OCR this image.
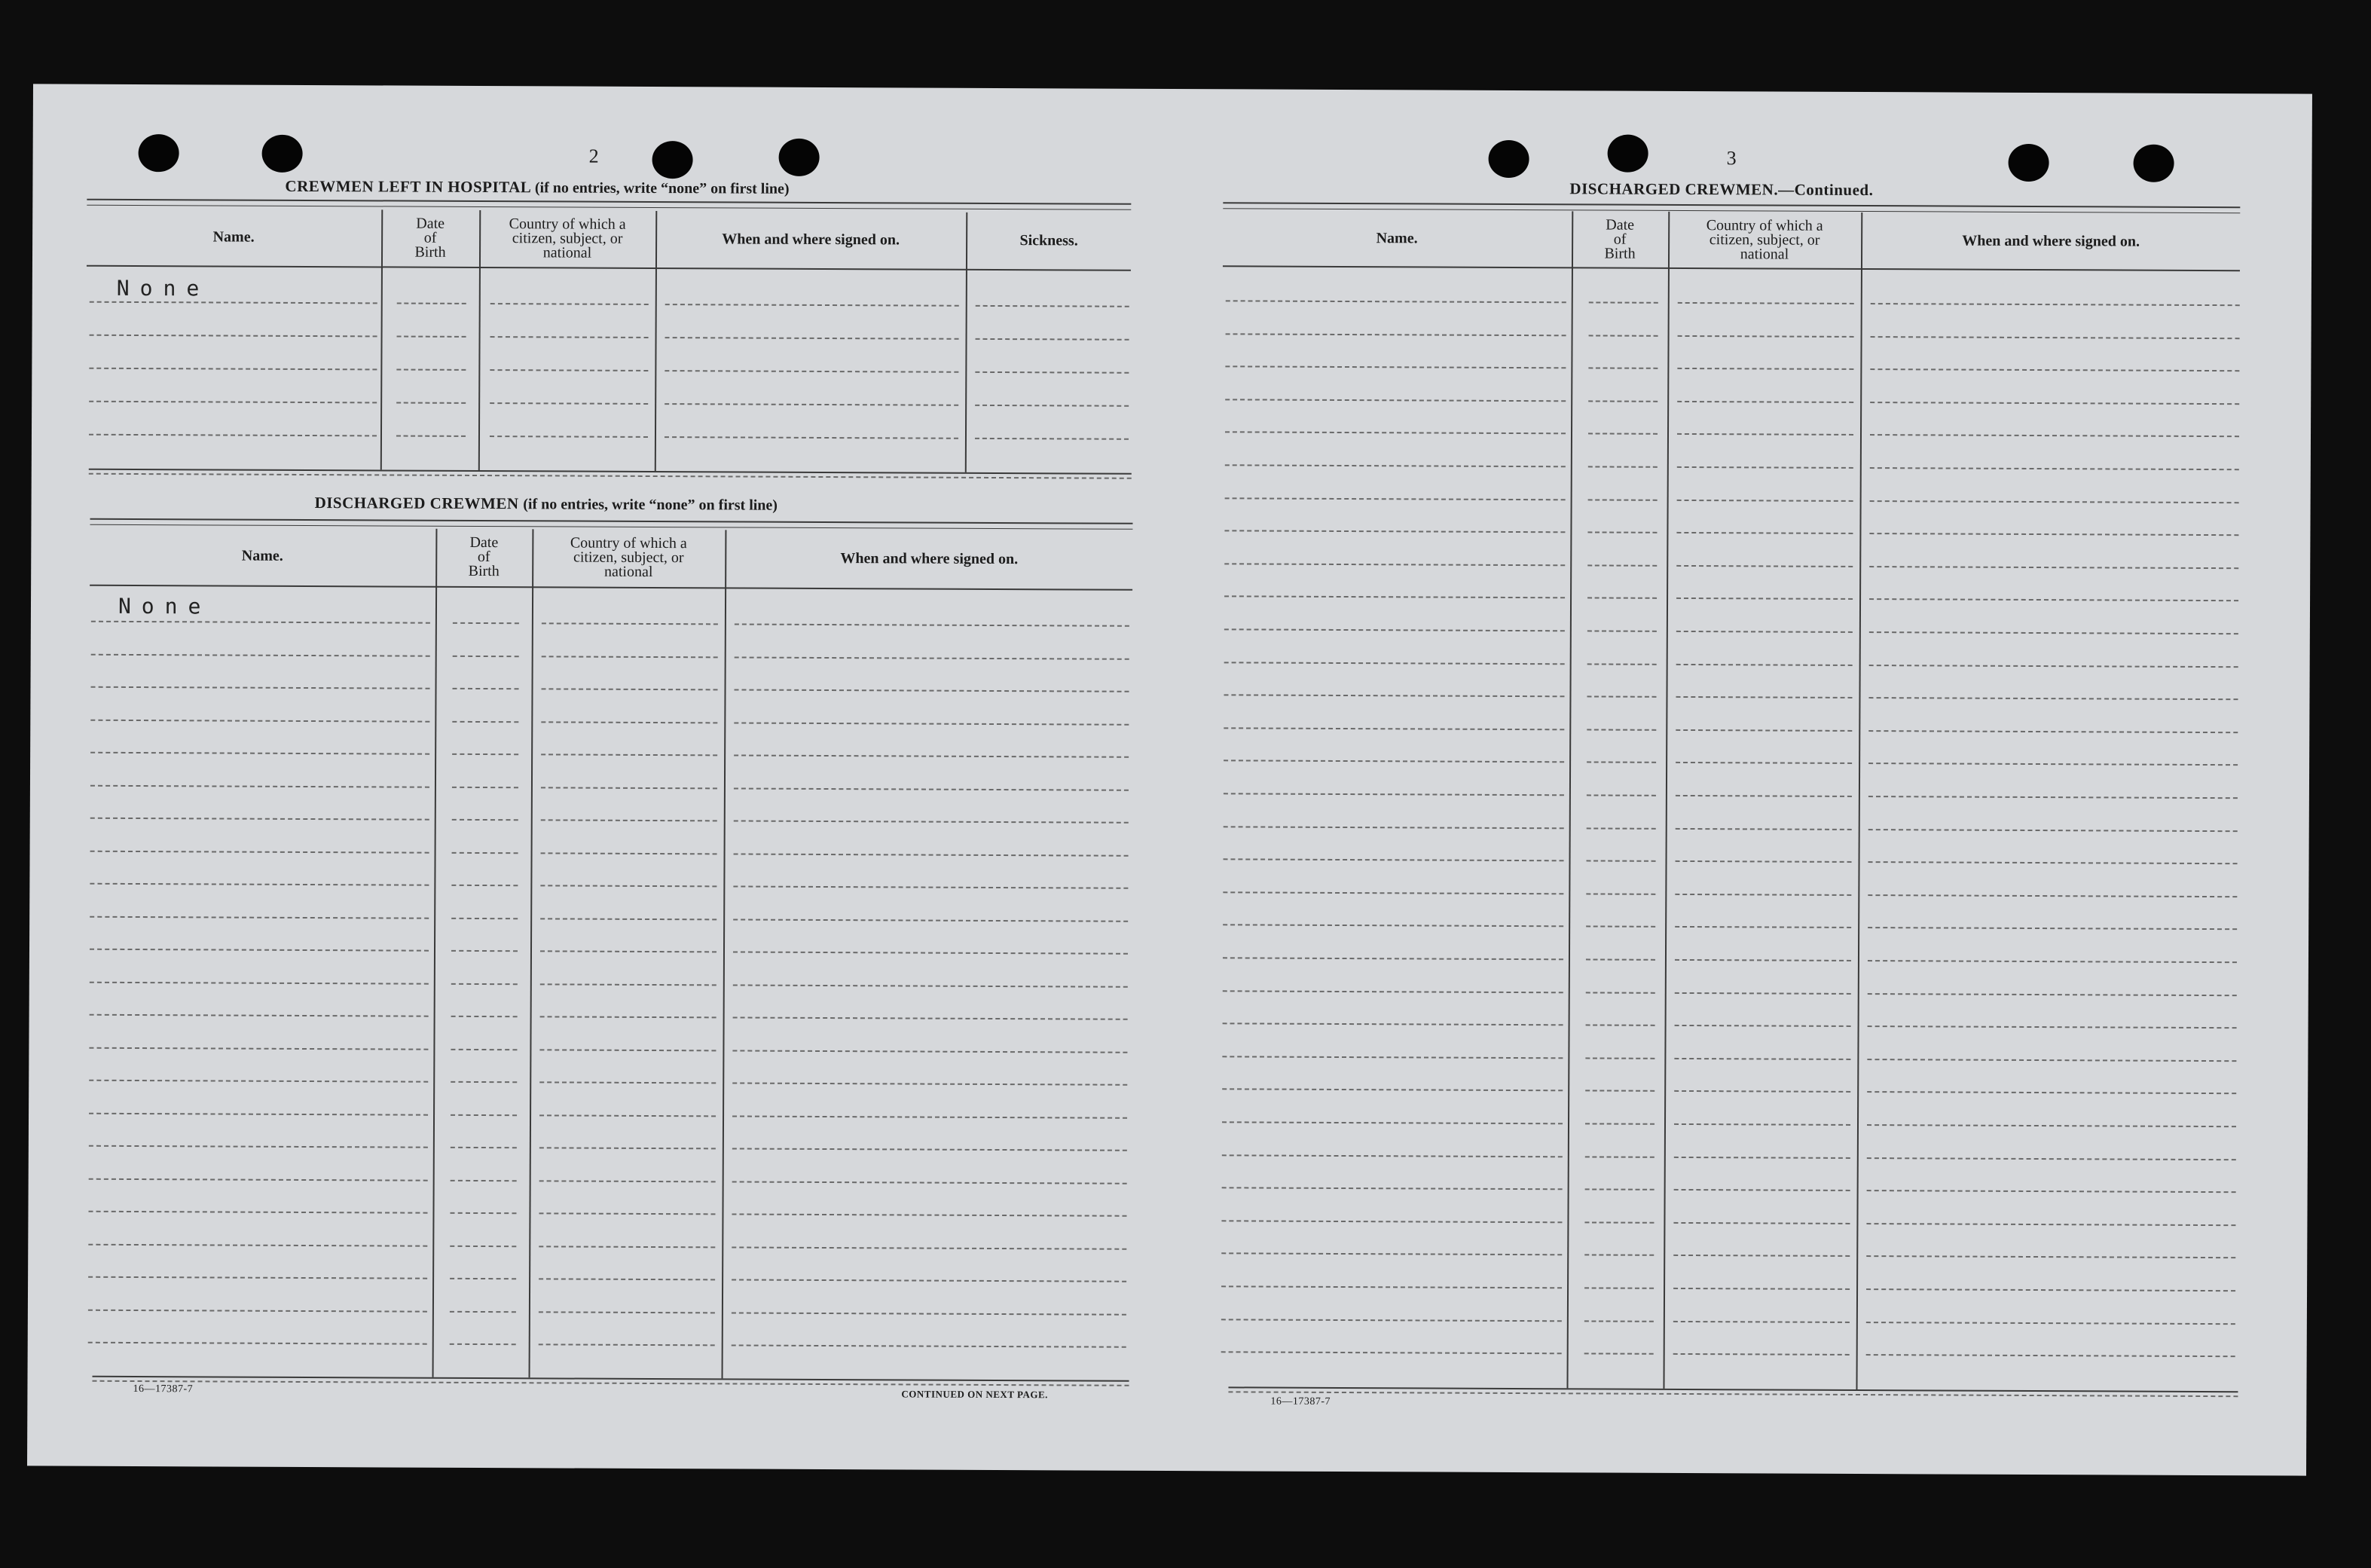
2
CREWMEN LEFT IN HOSPITAL (if no entries, write “none” on first line)
Name.
Date
of
Birth
Country of which a
citizen, subject, or
national
When and where signed on.	Sickness.
None
DISCHARGED CREWMEN (if no entries, write “none” on first line)
Name.
Date
of
Birth
Country of which a
citizen, subject, or
national
When and where signed on.
None
16—17387-7	CONTINUED ON NEXT PAGE.
3
DISCHARGED CREWMEN.—Continued.
Name.
Date
of
Birth
Country of which a
citizen, subject, or
national
When and where signed on.
16—17387-7
